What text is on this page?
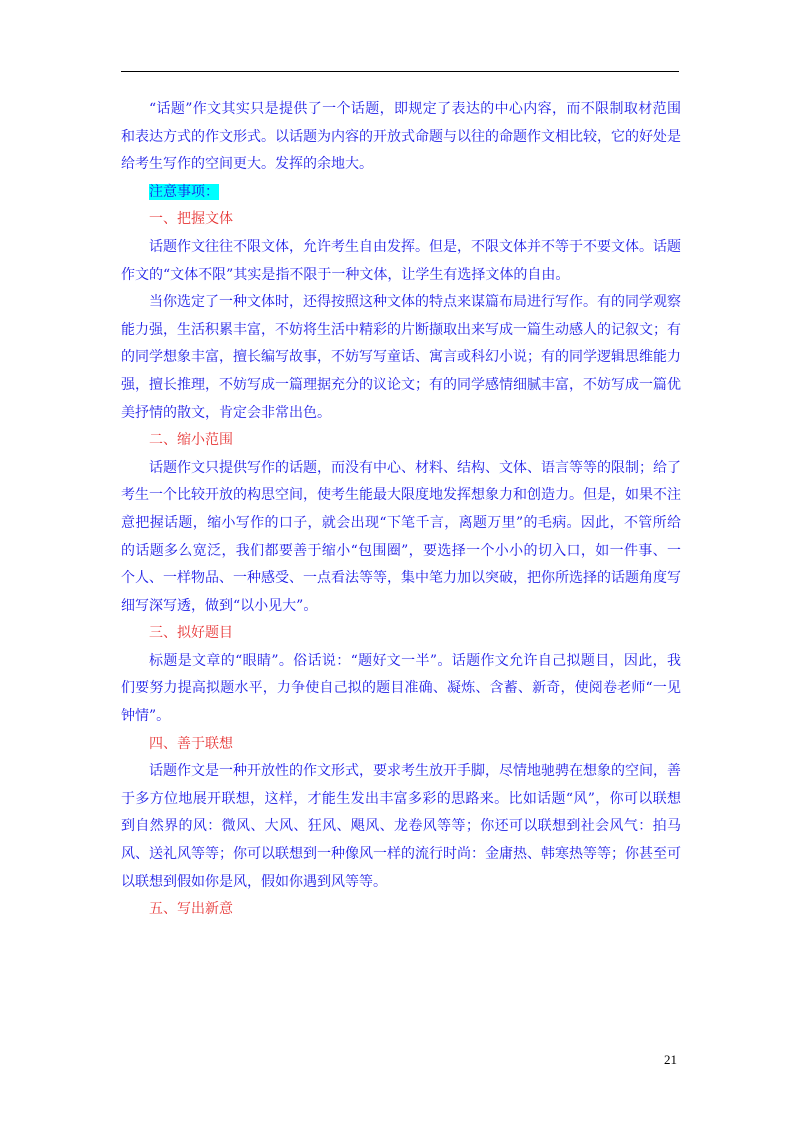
“话题”作文其实只是提供了一个话题，即规定了表达的中心内容，而不限制取材范围和表达方式的作文形式。以话题为内容的开放式命题与以往的命题作文相比较，它的好处是给考生写作的空间更大。发挥的余地大。

注意事项：

一、把握文体

话题作文往往不限文体，允许考生自由发挥。但是，不限文体并不等于不要文体。话题作文的“文体不限”其实是指不限于一种文体，让学生有选择文体的自由。

当你选定了一种文体时，还得按照这种文体的特点来谋篇布局进行写作。有的同学观察能力强，生活积累丰富，不妨将生活中精彩的片断撷取出来写成一篇生动感人的记叙文；有的同学想象丰富，擅长编写故事，不妨写写童话、寓言或科幻小说；有的同学逻辑思维能力强，擅长推理，不妨写成一篇理据充分的议论文；有的同学感情细腻丰富，不妨写成一篇优美抒情的散文，肯定会非常出色。

二、缩小范围

话题作文只提供写作的话题，而没有中心、材料、结构、文体、语言等等的限制；给了考生一个比较开放的构思空间，使考生能最大限度地发挥想象力和创造力。但是，如果不注意把握话题，缩小写作的口子，就会出现“下笔千言，离题万里”的毛病。因此，不管所给的话题多么宽泛，我们都要善于缩小“包围圈”，要选择一个小小的切入口，如一件事、一个人、一样物品、一种感受、一点看法等等，集中笔力加以突破，把你所选择的话题角度写细写深写透，做到“以小见大”。

三、拟好题目

标题是文章的“眼睛”。俗话说：“题好文一半”。话题作文允许自己拟题目，因此，我们要努力提高拟题水平，力争使自己拟的题目准确、凝炼、含蓄、新奇，使阅卷老师“一见钟情”。

四、善于联想

话题作文是一种开放性的作文形式，要求考生放开手脚，尽情地驰骋在想象的空间，善于多方位地展开联想，这样，才能生发出丰富多彩的思路来。比如话题“风”，你可以联想到自然界的风：微风、大风、狂风、飓风、龙卷风等等；你还可以联想到社会风气：拍马风、送礼风等等；你可以联想到一种像风一样的流行时尚：金庸热、韩寒热等等；你甚至可以联想到假如你是风，假如你遇到风等等。

五、写出新意

21
